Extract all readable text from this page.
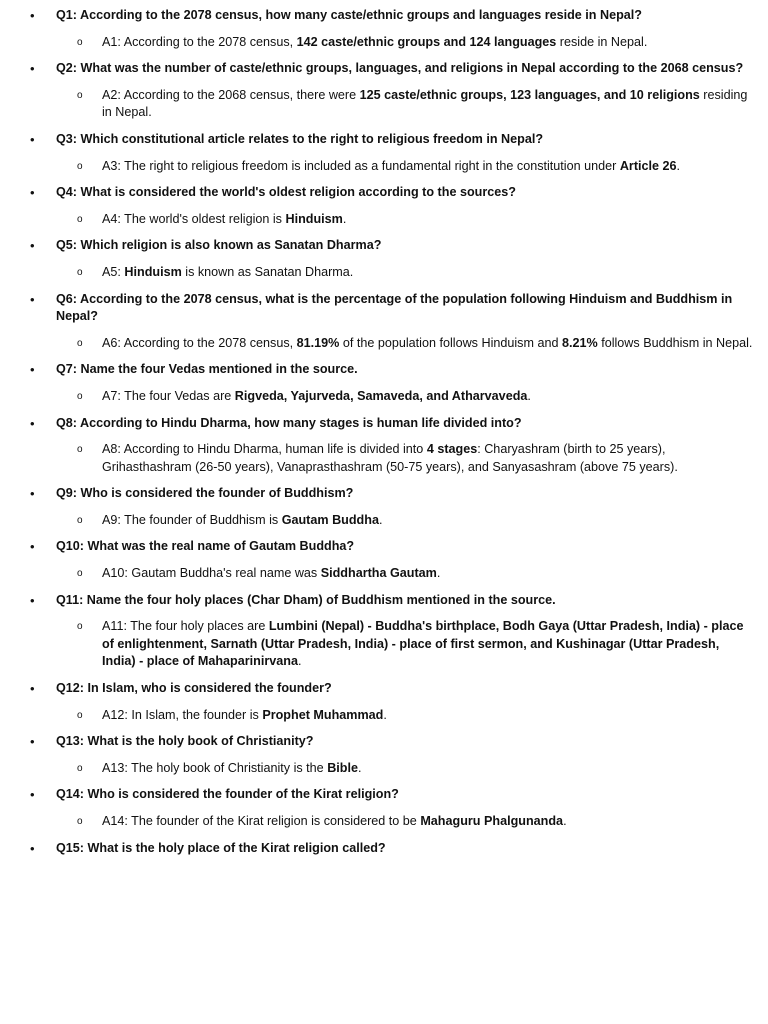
• Q1: According to the 2078 census, how many caste/ethnic groups and languages reside in Nepal?
o A1: According to the 2078 census, 142 caste/ethnic groups and 124 languages reside in Nepal.
• Q2: What was the number of caste/ethnic groups, languages, and religions in Nepal according to the 2068 census?
o A2: According to the 2068 census, there were 125 caste/ethnic groups, 123 languages, and 10 religions residing in Nepal.
• Q3: Which constitutional article relates to the right to religious freedom in Nepal?
o A3: The right to religious freedom is included as a fundamental right in the constitution under Article 26.
• Q4: What is considered the world's oldest religion according to the sources?
o A4: The world's oldest religion is Hinduism.
• Q5: Which religion is also known as Sanatan Dharma?
o A5: Hinduism is known as Sanatan Dharma.
• Q6: According to the 2078 census, what is the percentage of the population following Hinduism and Buddhism in Nepal?
o A6: According to the 2078 census, 81.19% of the population follows Hinduism and 8.21% follows Buddhism in Nepal.
• Q7: Name the four Vedas mentioned in the source.
o A7: The four Vedas are Rigveda, Yajurveda, Samaveda, and Atharvaveda.
• Q8: According to Hindu Dharma, how many stages is human life divided into?
o A8: According to Hindu Dharma, human life is divided into 4 stages: Charyashram (birth to 25 years), Grihasthashram (26-50 years), Vanaprasthashram (50-75 years), and Sanyasashram (above 75 years).
• Q9: Who is considered the founder of Buddhism?
o A9: The founder of Buddhism is Gautam Buddha.
• Q10: What was the real name of Gautam Buddha?
o A10: Gautam Buddha's real name was Siddhartha Gautam.
• Q11: Name the four holy places (Char Dham) of Buddhism mentioned in the source.
o A11: The four holy places are Lumbini (Nepal) - Buddha's birthplace, Bodh Gaya (Uttar Pradesh, India) - place of enlightenment, Sarnath (Uttar Pradesh, India) - place of first sermon, and Kushinagar (Uttar Pradesh, India) - place of Mahaparinirvana.
• Q12: In Islam, who is considered the founder?
o A12: In Islam, the founder is Prophet Muhammad.
• Q13: What is the holy book of Christianity?
o A13: The holy book of Christianity is the Bible.
• Q14: Who is considered the founder of the Kirat religion?
o A14: The founder of the Kirat religion is considered to be Mahaguru Phalgunanda.
• Q15: What is the holy place of the Kirat religion called?
